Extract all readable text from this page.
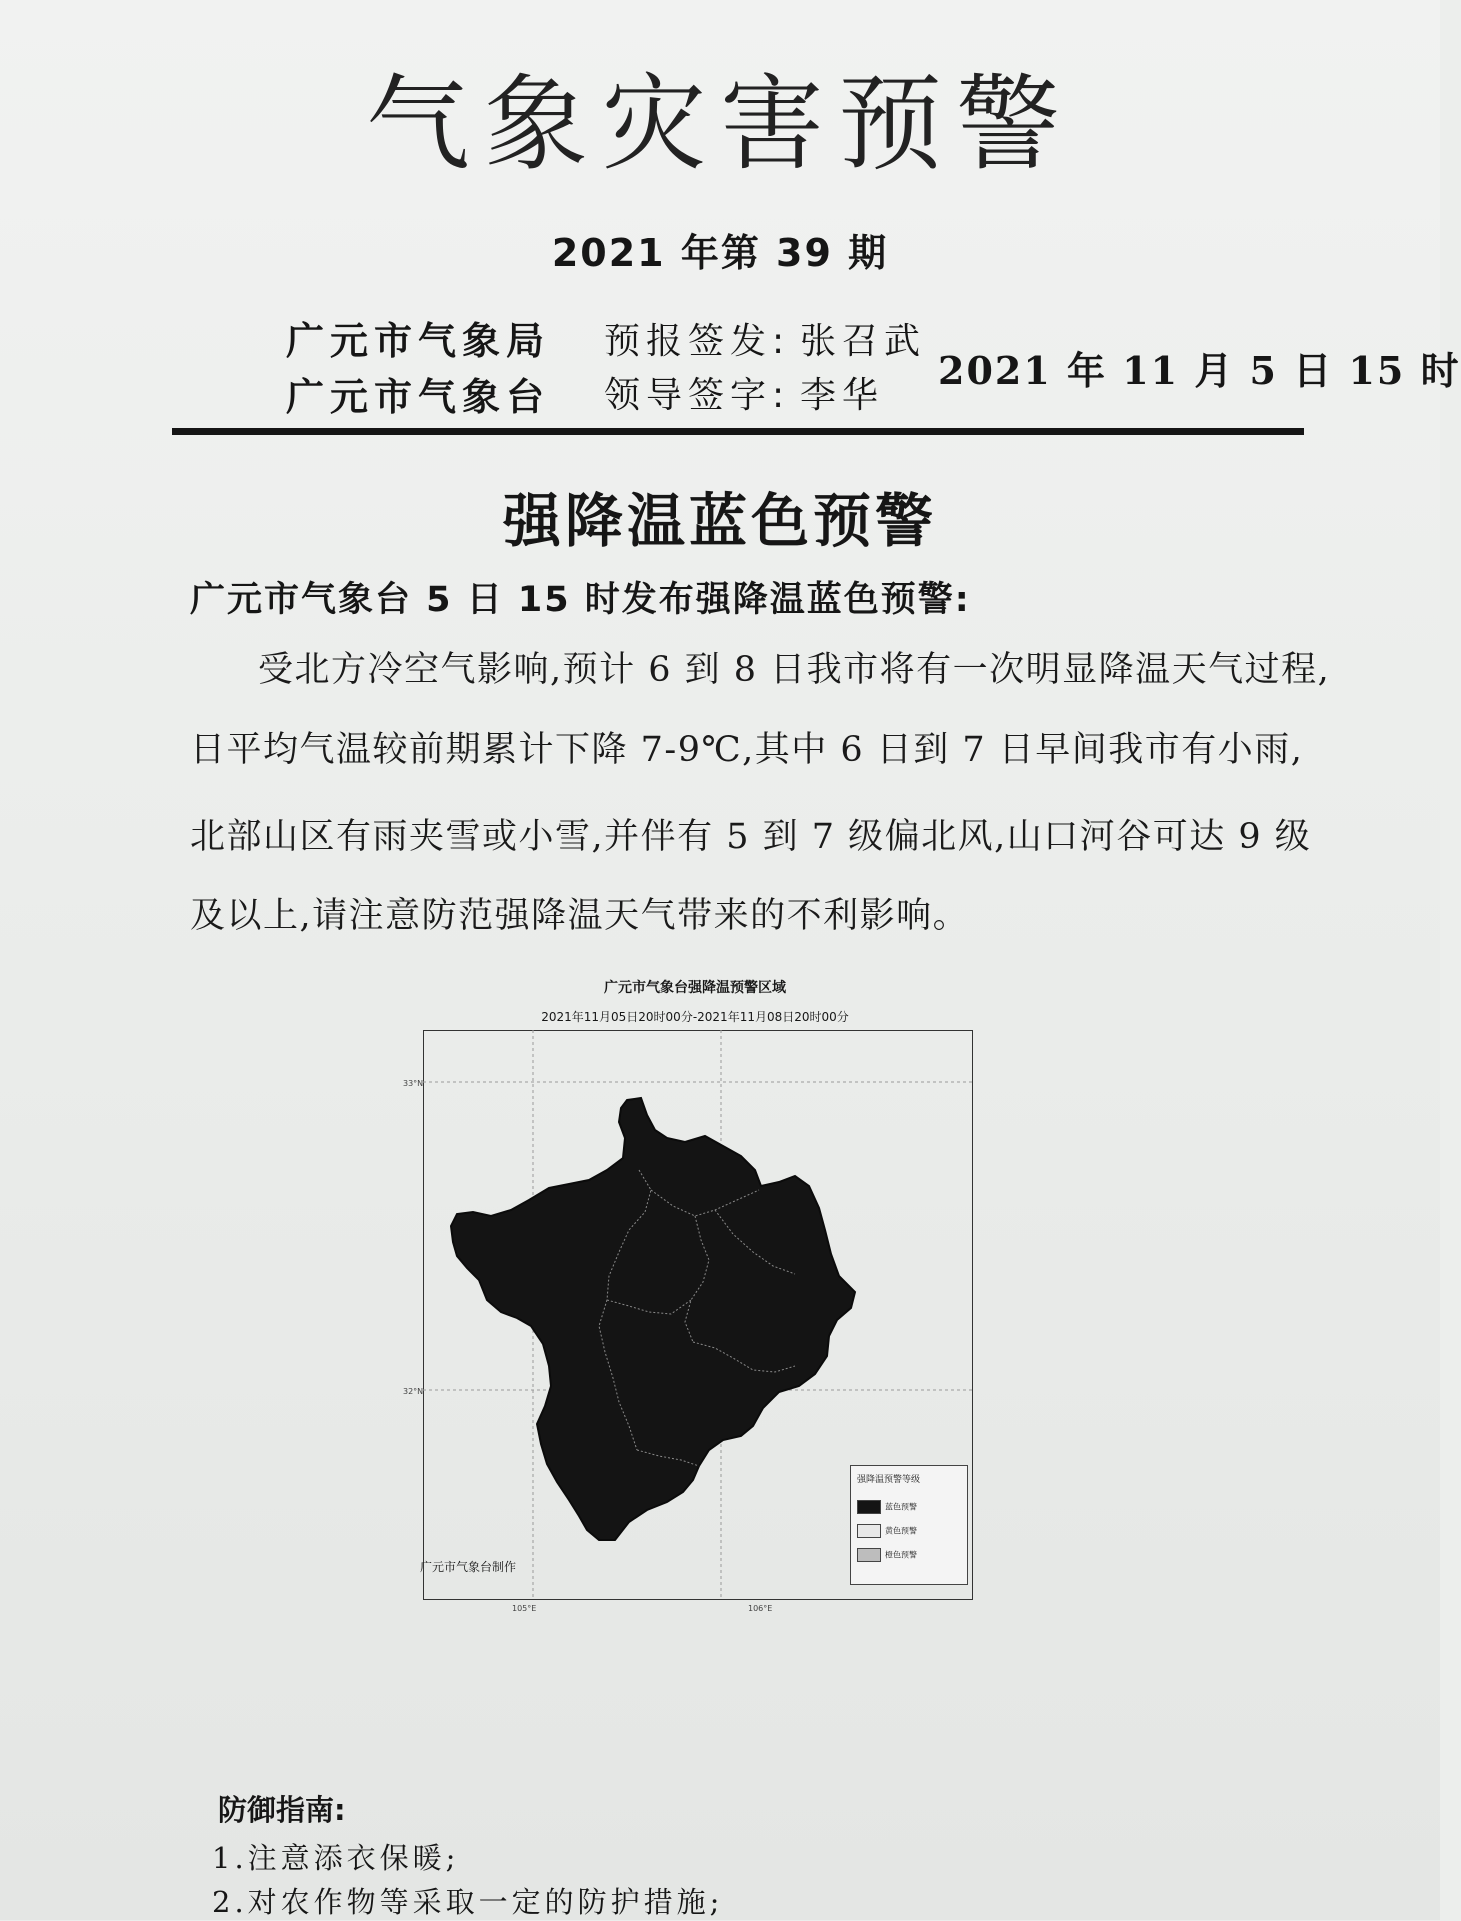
气象灾害预警
2021 年第 39 期
广元市气象局
广元市气象台
预报签发: 张召武
领导签字: 李华
2021 年 11 月 5 日 15 时
强降温蓝色预警
广元市气象台 5 日 15 时发布强降温蓝色预警:
受北方冷空气影响,预计 6 到 8 日我市将有一次明显降温天气过程,
日平均气温较前期累计下降 7-9℃,其中 6 日到 7 日早间我市有小雨,
北部山区有雨夹雪或小雪,并伴有 5 到 7 级偏北风,山口河谷可达 9 级
及以上,请注意防范强降温天气带来的不利影响。
广元市气象台强降温预警区域
2021年11月05日20时00分-2021年11月08日20时00分
33°N
32°N
105°E	106°E
强降温预警等级
蓝色预警
黄色预警
橙色预警
广元市气象台制作
防御指南:
1.注意添衣保暖;
2.对农作物等采取一定的防护措施;
